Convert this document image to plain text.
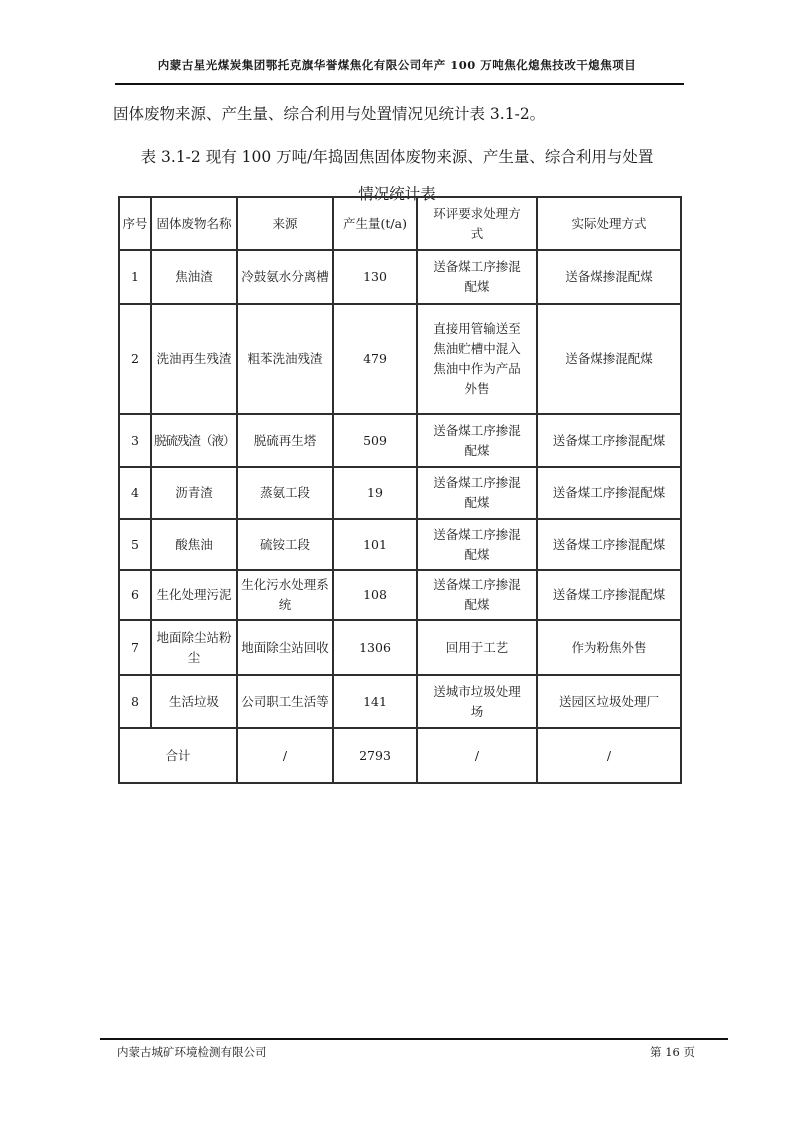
内蒙古星光煤炭集团鄂托克旗华誉煤焦化有限公司年产 100 万吨焦化熄焦技改干熄焦项目

固体废物来源、产生量、综合利用与处置情况见统计表 3.1-2。

表 3.1-2 现有 100 万吨/年捣固焦固体废物来源、产生量、综合利用与处置
情况统计表
序号	固体废物名称	来源	产生量(t/a)	环评要求处理方式	实际处理方式
1	焦油渣	冷鼓氨水分离槽	130	送备煤工序掺混配煤	送备煤掺混配煤
2	洗油再生残渣	粗苯洗油残渣	479	直接用管输送至焦油贮槽中混入焦油中作为产品外售	送备煤掺混配煤
3	脱硫残渣（液）	脱硫再生塔	509	送备煤工序掺混配煤	送备煤工序掺混配煤
4	沥青渣	蒸氨工段	19	送备煤工序掺混配煤	送备煤工序掺混配煤
5	酸焦油	硫铵工段	101	送备煤工序掺混配煤	送备煤工序掺混配煤
6	生化处理污泥	生化污水处理系统	108	送备煤工序掺混配煤	送备煤工序掺混配煤
7	地面除尘站粉尘	地面除尘站回收	1306	回用于工艺	作为粉焦外售
8	生活垃圾	公司职工生活等	141	送城市垃圾处理场	送园区垃圾处理厂
合计		/	2793	/	/
内蒙古城矿环境检测有限公司	第 16 页
